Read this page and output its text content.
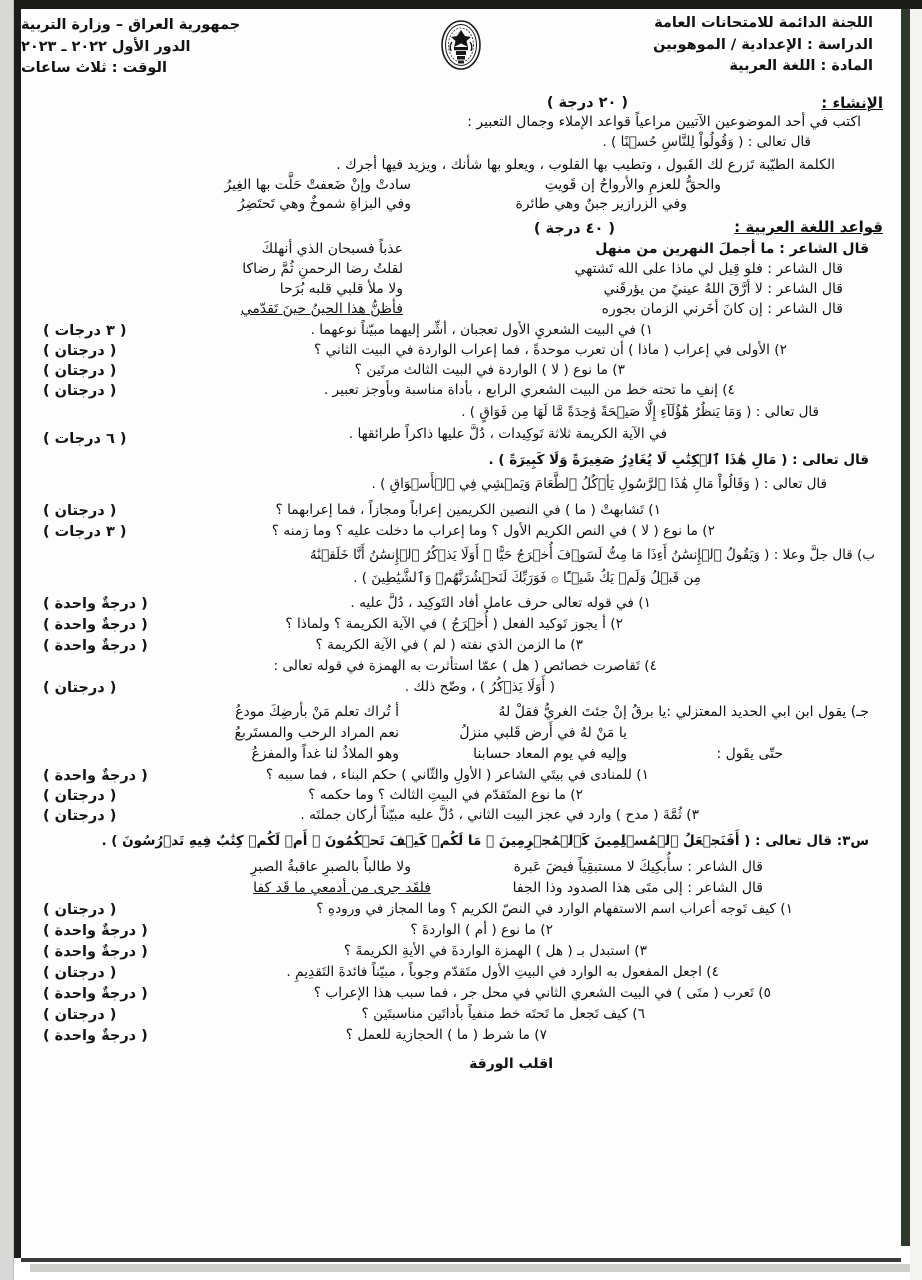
اللجنة الدائمة للامتحانات العامة
الدراسة : الإعدادية / الموهوبين
المادة : اللغة العربية
جمهورية العراق – وزارة التربية
الدور الأول ٢٠٢٢ ـ ٢٠٢٣
الوقت : ثلاث ساعات
الإنشاء :
( ٢٠ درجة )
اكتب في أحد الموضوعين الآتيين مراعياً قواعد الإملاء وجمال التعبير :
قال تعالى : ( وَقُولُواْ لِلنَّاسِ حُسۡنًا ) .
الكلمة الطيّبة تَزرع لك القَبول ، وتطيب بها القلوب ، ويعلو بها شأنك ، ويزيد فيها أجرك .
والحقُّ للعزمِ والأرواحُ إن قَويتِ
سادتْ وإنْ ضَعفتْ حَلَّت بها الغِيرُ
وفي الزرازير جبنٌ وهي طائرة
وفي البزاةِ شموخٌ وهي تَحتَضِرُ
قواعد اللغة العربية :
( ٤٠ درجة )
قال الشاعر : ما أجملَ النهرين من منهل
عذباً فسبحان الذي أنهلكَ
قال الشاعر : فلو قِيل لي ماذا على الله تَشتهي
لقلتُ رضا الرحمنِ ثُمَّ رضاكا
قال الشاعر : لا أرَّقَ اللهُ عينيً من يؤرقَني
ولا ملأ قلبي قلبه بُرَحا
قال الشاعر : إن كانَ أخَرني الزمان بجوره
فأظنُّ هذا الحينُ حينَ تَقدّمي
( ٣ درجات )	١) في البيت الشعريِ الأول تعجبان ، أشِّر إليهما مبيّناً نوعهما .
( درجتان )	٢) الأولى في إعراب ( ماذا ) أن تعرب موحدةً ، فما إعراب الواردة في البيت الثاني ؟
( درجتان )	٣) ما نوع ( لا ) الواردة في البيت الثالث مرتَين ؟
( درجتان )	٤) إنفِ ما تحته خط من البيت الشعري الرابع ، بأداة مناسبة وبأوجز تعبير .
قال تعالى : ( وَمَا يَنظُرُ هَٰٓؤُلَآءِ إِلَّا صَيۡحَةً وَٰحِدَةً مَّا لَهَا مِن فَوَاقٍ ) .
( ٦ درجات )	في الآية الكريمة ثلاثة تَوكِيدات ، دُلَّ عليها ذاكراً طرائقها .
قال تعالى : ( مَالِ هَٰذَا ٱلۡكِتَٰبِ لَا يُغَادِرُ صَغِيرَةً وَلَا كَبِيرَةً ) .
قال تعالى : ( وَقَالُواْ مَالِ هَٰذَا ٱلرَّسُولِ يَأۡكُلُ ٱلطَّعَامَ وَيَمۡشِي فِي ٱلۡأَسۡوَاقِ ) .
( درجتان )	١) تَشابهتْ ( ما ) في النصين الكريمين إعراباً ومجازاً ، فما إعرابهما ؟
( ٣ درجات )	٢) ما نوع ( لا ) في النص الكريم الأول ؟ وما إعراب ما دخلت عليه ؟ وما زمنه ؟
ب) قال جلَّ وعلا : ( وَيَقُولُ ٱلۡإِنسَٰنُ أَءِذَا مَا مِتُّ لَسَوۡفَ أُخۡرَجُ حَيًّا ۞ أَوَلَا يَذۡكُرُ ٱلۡإِنسَٰنُ أَنَّا خَلَقۡنَٰهُ
مِن قَبۡلُ وَلَمۡ يَكُ شَيۡـًٔا ۞ فَوَرَبِّكَ لَنَحۡشُرَنَّهُمۡ وَٱلشَّيَٰطِينَ ) .
( درجةٌ واحدة )	١) في قوله تعالى حرف عامل أفاد التَوكِيد ، دُلَّ عليه .
( درجةٌ واحدة )	٢) أ يجوز تَوكيد الفعل ( أُخۡرَجُ ) في الآية الكريمة ؟ ولماذا ؟
( درجةٌ واحدة )	٣) ما الزمن الذي نفته ( لم ) في الآية الكريمة ؟
٤) تَقاصرت خصائص ( هل ) عمّا استأثرت به الهمزة في قوله تعالى :
( درجتان )	( أَوَلَا يَذۡكُرُ ) ، وضّح ذلك .
جـ) يقول ابن ابي الحديد المعتزلي :يا برقُ إنْ جئتَ الغريُّ فقلْ لهُ
أ تُراك تعلم مَنْ بأرضِكَ مودعُ
يا مَنْ لهُ في أَرض قَلبي منزلُ
نعم المراد الرحب والمستَربعُ
حتّى يقَول :
وإليه في يوم المعاد حسابنا
وهو الملاذُ لنا غداً والمفزعُ
( درجةٌ واحدة )	١) للمنادى في بيتَي الشاعر ( الأولِ والثّاني ) حكم البناء ، فما سببه ؟
( درجتان )	٢) ما نوع المتَقدّم في البيتِ الثالث ؟ وما حكمه ؟
( درجتان )	٣) ثُمَّةَ ( مدح ) وارد في عجز البيت الثاني ، دُلَّ عليه مبيّناً أركان جملتَه .
س٣: قال تعالى : ( أَفَنَجۡعَلُ ٱلۡمُسۡلِمِينَ كَٱلۡمُجۡرِمِينَ ۞ مَا لَكُمۡ كَيۡفَ تَحۡكُمُونَ ۞ أَمۡ لَكُمۡ كِتَٰبٌ فِيهِ تَدۡرُسُونَ ) .
قال الشاعر : سأُبكِيكَ لا مستبقِياً فيضَ عَبرة
ولا طالباً بالصبرِ عاقبةُ الصبرِ
قال الشاعر : إلى متَى هذا الصدود وذا الجفا
فلقَد جرى من أدمعي ما قَد كفا
( درجتان )	١) كيف تَوجه أعراب اسم الاستفهام الوارد في النصّ الكريم ؟ وما المجاز في ورودهِ ؟
( درجةٌ واحدة )	٢) ما نوع ( أم ) الواردةَ ؟
( درجةٌ واحدة )	٣) استبدل بـ ( هل ) الهمزة الواردةَ في الأيةِ الكريمةَ ؟
( درجتان )	٤) اجعل المفعول به الوارد في البيتِ الأول متَقدّم وجوباً ، مبيّناً فائدةَ التَقدِيمِ .
( درجةٌ واحدة )	٥) تَعرب ( متَى ) في البيت الشعري الثاني في محل جر ، فما سبب هذا الإعراب ؟
( درجتان )	٦) كيف تَجعل ما تَحتَه خط منفياً بأداتَين مناسبتَين ؟
( درجةٌ واحدة )	٧) ما شرط ( ما ) الحجازية للعمل ؟
اقلب الورقة
